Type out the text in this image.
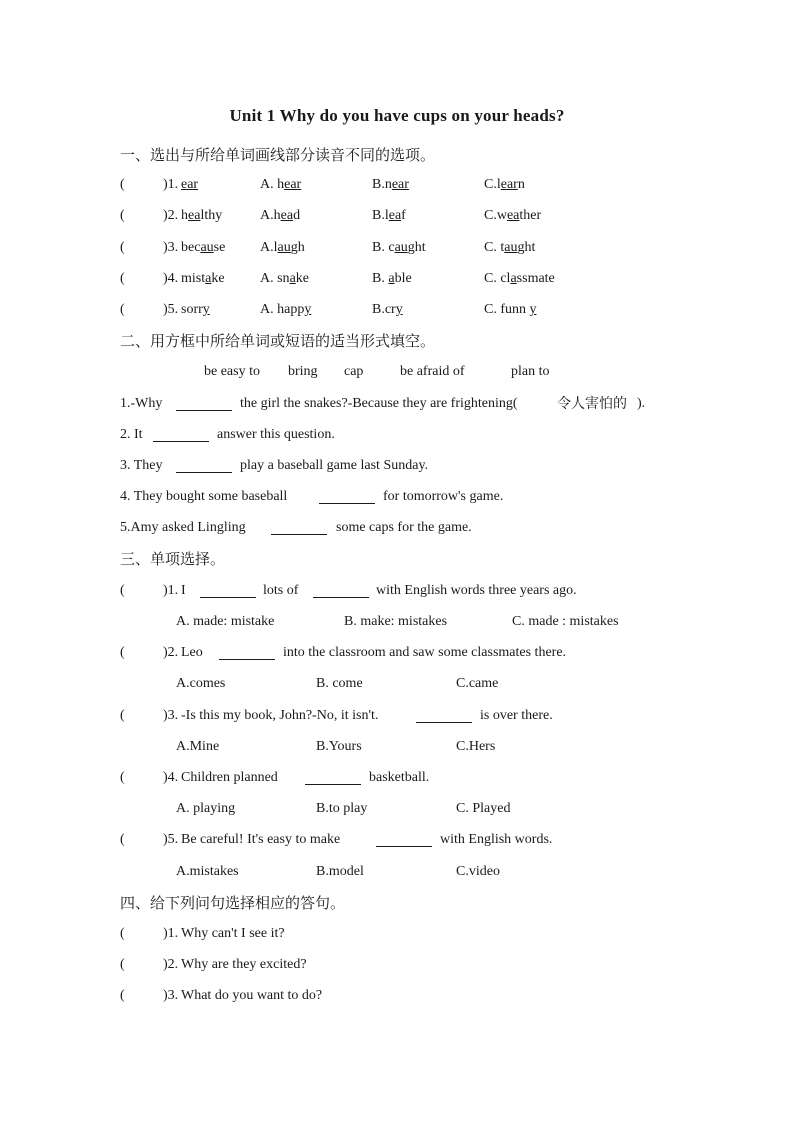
Unit 1 Why do you have cups on your heads?
一、选出与所给单词画线部分读音不同的选项。
(	)1. ear	A. hear	B.near	C.learn
(	)2. healthy	A.head	B.leaf	C.weather
(	)3. because A.laugh	B. caught	C. taught
(	)4. mistake	A. snake	B. able	C. classmate
(	)5. sorry	A. happy	B.cry	C. funn y
二、用方框中所给单词或短语的适当形式填空。
be easy to bring cap	be afraid of	plan to
1.-Why	the girl the snakes?-Because they are frightening(	令人害怕的 ).
2. It	answer this question.
3. They	play a baseball game last Sunday.
4. They bought some baseball	for tomorrow's game.
5.Amy asked Lingling	some caps for the game.
三、单项选择。
(	)1. I	lots of	with English words three years ago.
A. made: mistake	B. make: mistakes	C. made : mistakes
(	)2. Leo	into the classroom and saw some classmates there.
A.comes	B. come	C.came
(	)3. -Is this my book, John?-No, it isn't.	is over there.
A.Mine	B.Yours	C.Hers
(	)4. Children planned	basketball.
A. playing	B.to play	C. Played
(	)5. Be careful! It's easy to make	with English words.
A.mistakes	B.model	C.video
四、给下列问句选择相应的答句。
(	)1. Why can't I see it?
(	)2. Why are they excited?
(	)3. What do you want to do?
